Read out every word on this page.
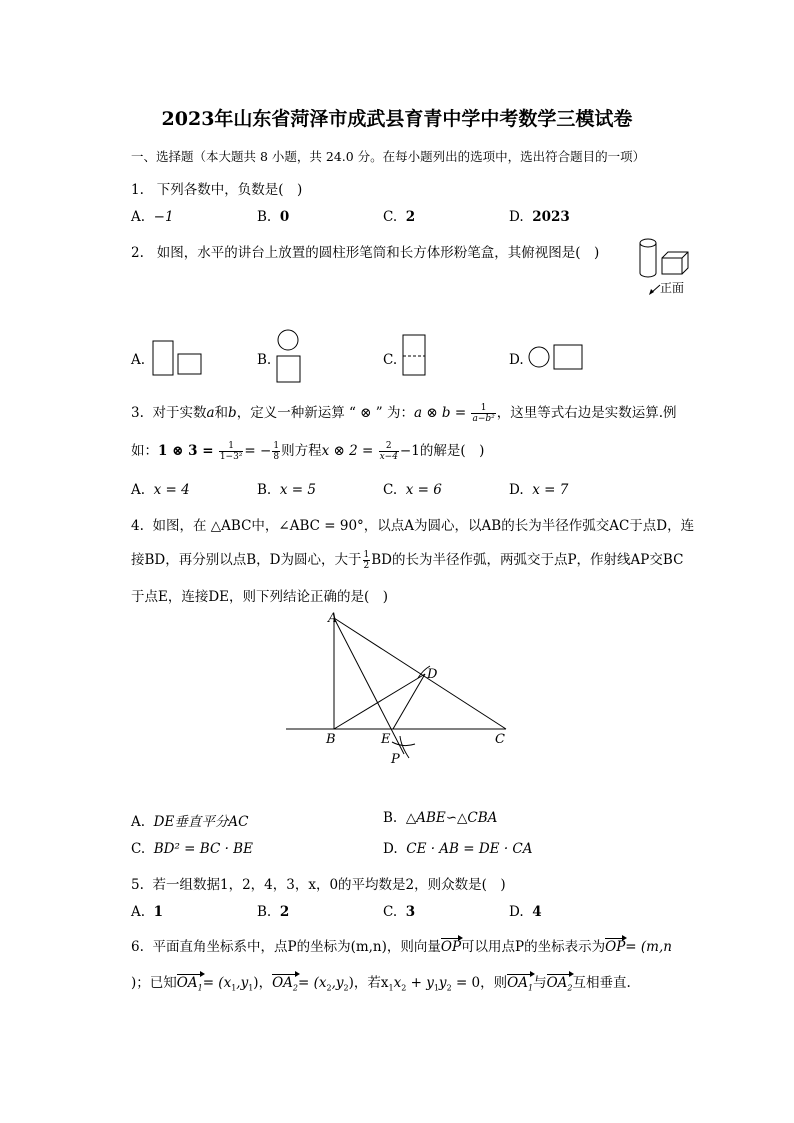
2023年山东省菏泽市成武县育青中学中考数学三模试卷
一、选择题（本大题共 8 小题，共 24.0 分。在每小题列出的选项中，选出符合题目的一项）
1. 下列各数中，负数是(　)
A. −1	B. 0	C. 2	D. 2023
2. 如图，水平的讲台上放置的圆柱形笔筒和长方体形粉笔盒，其俯视图是(　)
正面
A.	B.	C.	D.
3. 对于实数a和b，定义一种新运算 “ ⊗ ” 为：a ⊗ $b = \frac{1}{\text{a−b²}}$ ，这里等式右边是实数运算.例
如：1 ⊗ $3 = \frac{1}{\text{1−3²}}$ = − $\frac{1}{8}$ 则方程x ⊗ $2 = \frac{2}{x-4} -1$的解是(　)
A. x = 4	B. x = 5	C. x = 6	D. x = 7
4. 如图，在 △ABC中，∠ABC = 90°，以点A为圆心，以AB的长为半径作弧交AC于点D，连
接BD，再分别以点B，D为圆心，大于 $\frac{1}{2}$ BD的长为半径作弧，两弧交于点P，作射线AP交BC
于点E，连接DE，则下列结论正确的是(　)
A
B	C
D
E
P
A. DE垂直平分AC	B. △ABE∽△CBA
C. BD² = BC · BE	D. CE · AB = DE · CA
5. 若一组数据1，2，4，3，x，0的平均数是2，则众数是(　)
A. 1	B. 2	C. 3	D. 4
6. 平面直角坐标系中，点P的坐标为(m,n)，则向量OP可以用点P的坐标表示为OP= (m,n
)；已知$OA_1= (x_1,y_1)$，$OA_2= (x_2,y_2)$，若$x_1x_2 + y_1y_2 = 0$，则$OA_1$与$OA_2$互相垂直.
